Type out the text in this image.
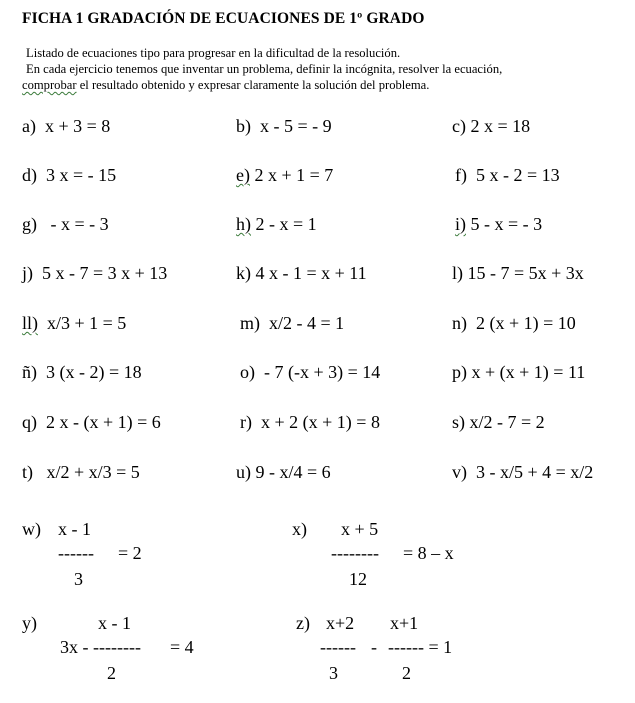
FICHA 1 GRADACIÓN DE ECUACIONES DE 1º GRADO
Listado de ecuaciones tipo para progresar en la dificultad de la resolución.
En cada ejercicio tenemos que inventar un problema, definir la incógnita, resolver la ecuación,
comprobar el resultado obtenido y expresar claramente la solución del problema.
a) x + 3 = 8	b) x - 5 = - 9	c) 2 x = 18
d) 3 x = - 15	e) 2 x + 1 = 7	f) 5 x - 2 = 13
g) - x = - 3	h) 2 - x = 1	i) 5 - x = - 3
j) 5 x - 7 = 3 x + 13	k) 4 x - 1 = x + 11	l) 15 - 7 = 5x + 3x
ll) x/3 + 1 = 5	m) x/2 - 4 = 1	n) 2 (x + 1) = 10
ñ) 3 (x - 2) = 18	o) - 7 (-x + 3) = 14	p) x + (x + 1) = 11
q) 2 x - (x + 1) = 6	r) x + 2 (x + 1) = 8	s) x/2 - 7 = 2
t) x/2 + x/3 = 5	u) 9 - x/4 = 6	v) 3 - x/5 + 4 = x/2
w) x - 1
------ = 2
3
x) x + 5
-------- = 8 – x
12
y)	x - 1
3x - -------- = 4
2
z) x+2 x+1
------ - ------ = 1
3	2
